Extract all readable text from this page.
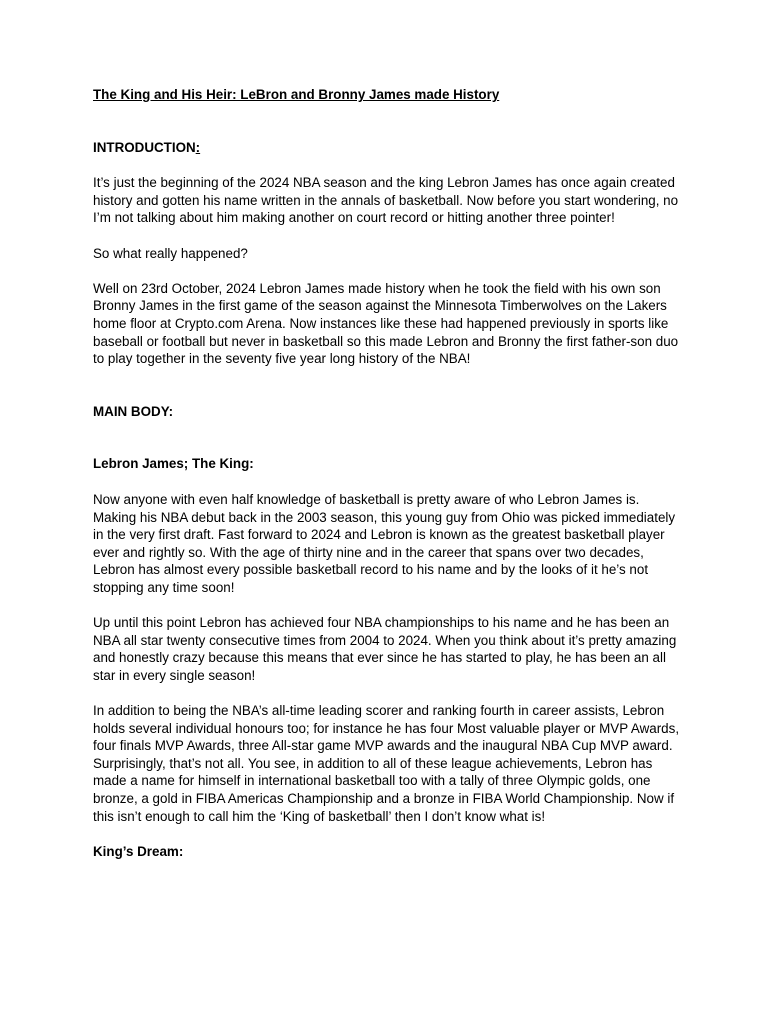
The King and His Heir: LeBron and Bronny James made History
INTRODUCTION:
It’s just the beginning of the 2024 NBA season and the king Lebron James has once again created history and gotten his name written in the annals of basketball. Now before you start wondering, no I’m not talking about him making another on court record or hitting another three pointer!
So what really happened?
Well on 23rd October, 2024 Lebron James made history when he took the field with his own son Bronny James in the first game of the season against the Minnesota Timberwolves on the Lakers home floor at Crypto.com Arena. Now instances like these had happened previously in sports like baseball or football but never in basketball so this made Lebron and Bronny the first father-son duo to play together in the seventy five year long history of the NBA!
MAIN BODY:
Lebron James; The King:
Now anyone with even half knowledge of basketball is pretty aware of who Lebron James is. Making his NBA debut back in the 2003 season, this young guy from Ohio was picked immediately in the very first draft. Fast forward to 2024 and Lebron is known as the greatest basketball player ever and rightly so. With the age of thirty nine and in the career that spans over two decades, Lebron has almost every possible basketball record to his name and by the looks of it he’s not stopping any time soon!
Up until this point Lebron has achieved four NBA championships to his name and he has been an NBA all star twenty consecutive times from 2004 to 2024. When you think about it’s pretty amazing and honestly crazy because this means that ever since he has started to play, he has been an all star in every single season!
In addition to being the NBA’s all-time leading scorer and ranking fourth in career assists, Lebron holds several individual honours too; for instance he has four Most valuable player or MVP Awards, four finals MVP Awards, three All-star game MVP awards and the inaugural NBA Cup MVP award. Surprisingly, that’s not all. You see, in addition to all of these league achievements, Lebron has made a name for himself in international basketball too with a tally of three Olympic golds, one bronze, a gold in FIBA Americas Championship and a bronze in FIBA World Championship. Now if this isn’t enough to call him the ‘King of basketball’ then I don’t know what is!
King’s Dream:
